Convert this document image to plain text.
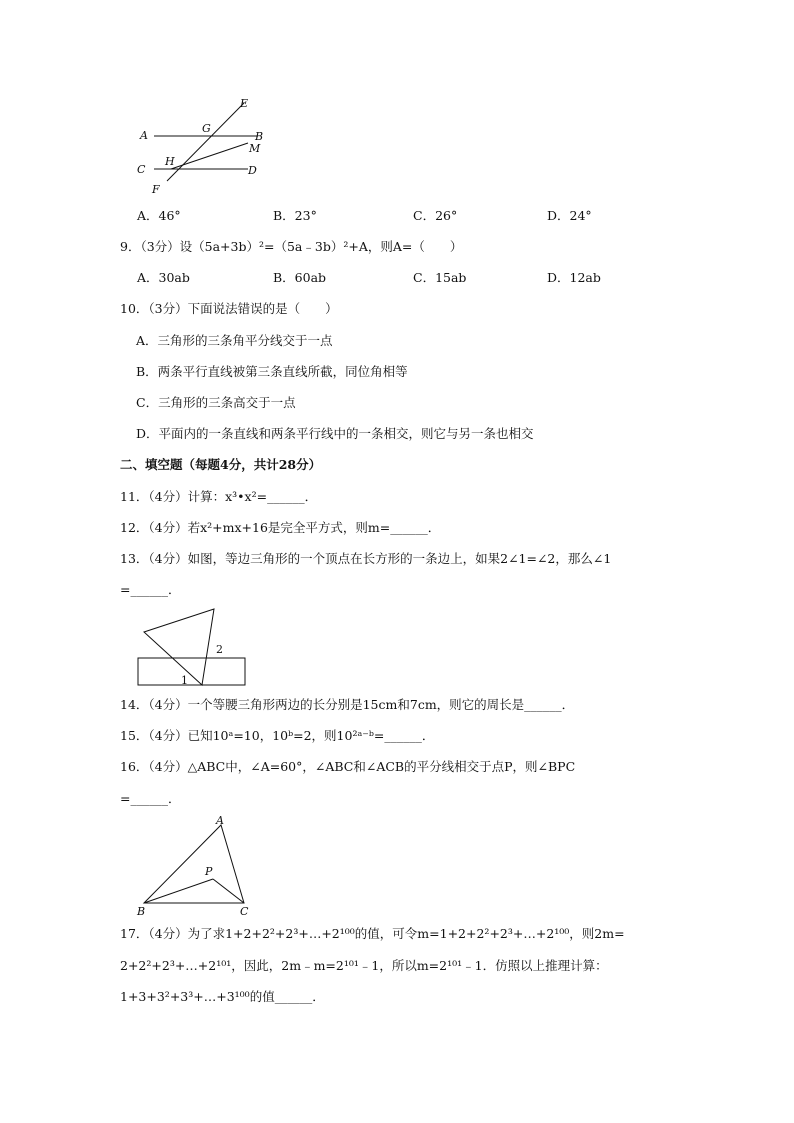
A
G
E
B
M
C
H
D
F
A．46°	B．23°	C．26°	D．24°
9．（3分）设（5a+3b）²=（5a﹣3b）²+A，则A=（　　）
A．30ab	B．60ab	C．15ab	D．12ab
10．（3分）下面说法错误的是（　　）
A．三角形的三条角平分线交于一点
B．两条平行直线被第三条直线所截，同位角相等
C．三角形的三条高交于一点
D．平面内的一条直线和两条平行线中的一条相交，则它与另一条也相交
二、填空题（每题4分，共计28分）
11．（4分）计算：x³•x²=______．
12．（4分）若x²+mx+16是完全平方式，则m=______．
13．（4分）如图，等边三角形的一个顶点在长方形的一条边上，如果2∠1=∠2，那么∠1
=______．
1
2
14．（4分）一个等腰三角形两边的长分别是15cm和7cm，则它的周长是______．
15．（4分）已知10ᵃ=10，10ᵇ=2，则10²ᵃ⁻ᵇ=______．
16．（4分）△ABC中，∠A=60°，∠ABC和∠ACB的平分线相交于点P，则∠BPC
=______．
A
P
B	C
17．（4分）为了求1+2+2²+2³+…+2¹⁰⁰的值，可令m=1+2+2²+2³+…+2¹⁰⁰，则2m=
2+2²+2³+…+2¹⁰¹，因此，2m﹣m=2¹⁰¹﹣1，所以m=2¹⁰¹﹣1．仿照以上推理计算：
1+3+3²+3³+…+3¹⁰⁰的值______．
